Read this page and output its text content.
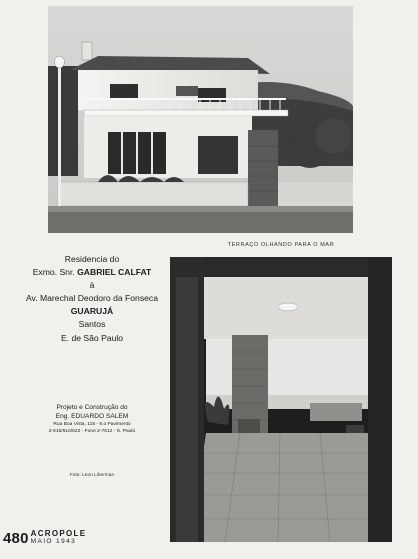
TERRAÇO OLHANDO PARA O MAR
Residencia do
Exmo. Snr. GABRIEL CALFAT
à
Av. Marechal Deodoro da Fonseca
GUARUJÁ
Santos
E. de São Paulo
Projeto e Construção do
Eng. EDUARDO SALEM
Rua Boa Vista, 116 - 8.o Pavimento
2-615/616/622 - Fone 2-7612 - S. Paulo
Foto: Leon Liberman
480 ACROPOLE
MAIO 1943
